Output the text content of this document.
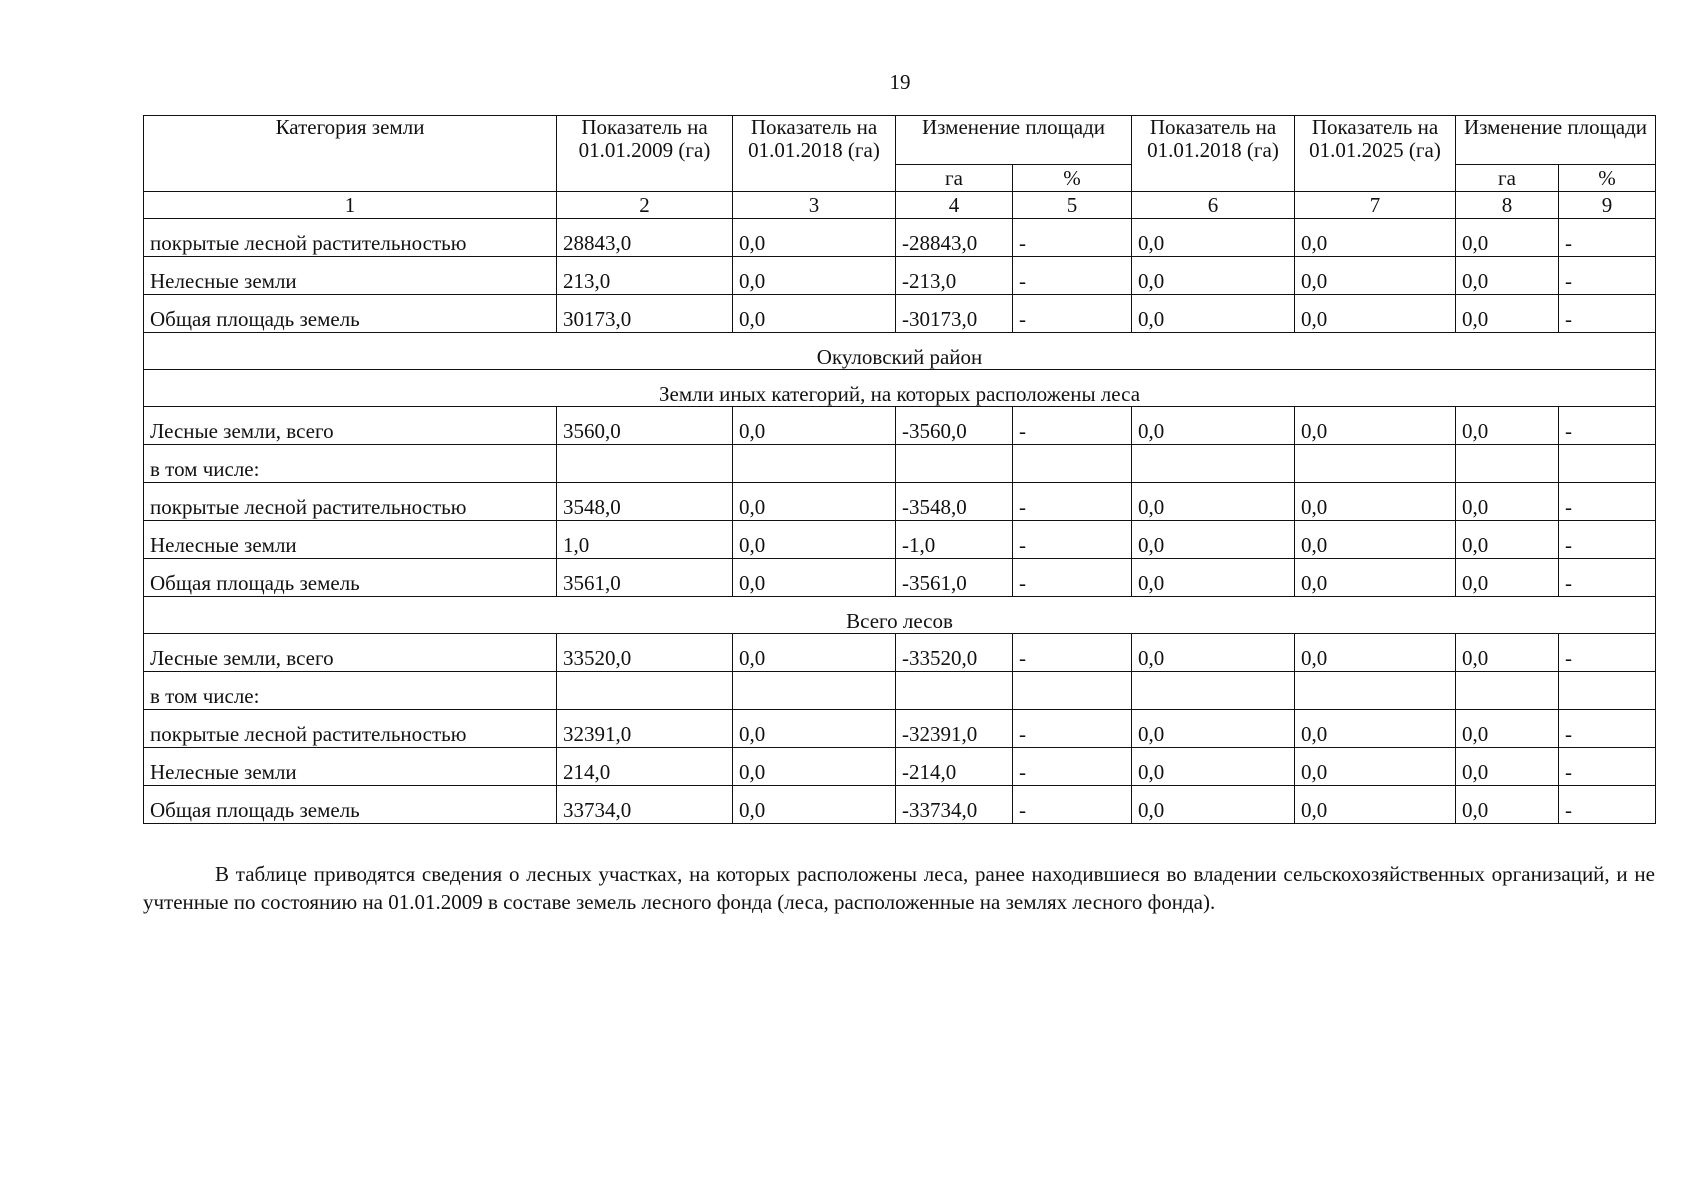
19
Категория земли	Показатель на 01.01.2009 (га)	Показатель на 01.01.2018 (га)	Изменение площади		Показатель на 01.01.2018 (га)	Показатель на 01.01.2025 (га)	Изменение площади	
			га	%			га	%
1	2	3	4	5	6	7	8	9
покрытые лесной растительностью	28843,0	0,0	-28843,0	-	0,0	0,0	0,0	-
Нелесные земли	213,0	0,0	-213,0	-	0,0	0,0	0,0	-
Общая площадь земель	30173,0	0,0	-30173,0	-	0,0	0,0	0,0	-
Окуловский район								
Земли иных категорий, на которых расположены леса								
Лесные земли, всего	3560,0	0,0	-3560,0	-	0,0	0,0	0,0	-
в том числе:								
покрытые лесной растительностью	3548,0	0,0	-3548,0	-	0,0	0,0	0,0	-
Нелесные земли	1,0	0,0	-1,0	-	0,0	0,0	0,0	-
Общая площадь земель	3561,0	0,0	-3561,0	-	0,0	0,0	0,0	-
Всего лесов								
Лесные земли, всего	33520,0	0,0	-33520,0	-	0,0	0,0	0,0	-
в том числе:								
покрытые лесной растительностью	32391,0	0,0	-32391,0	-	0,0	0,0	0,0	-
Нелесные земли	214,0	0,0	-214,0	-	0,0	0,0	0,0	-
Общая площадь земель	33734,0	0,0	-33734,0	-	0,0	0,0	0,0	-

В таблице приводятся сведения о лесных участках, на которых расположены леса, ранее находившиеся во владении сельскохозяйственных организаций, и не учтенные по состоянию на 01.01.2009 в составе земель лесного фонда (леса, расположенные на землях лесного фонда).
